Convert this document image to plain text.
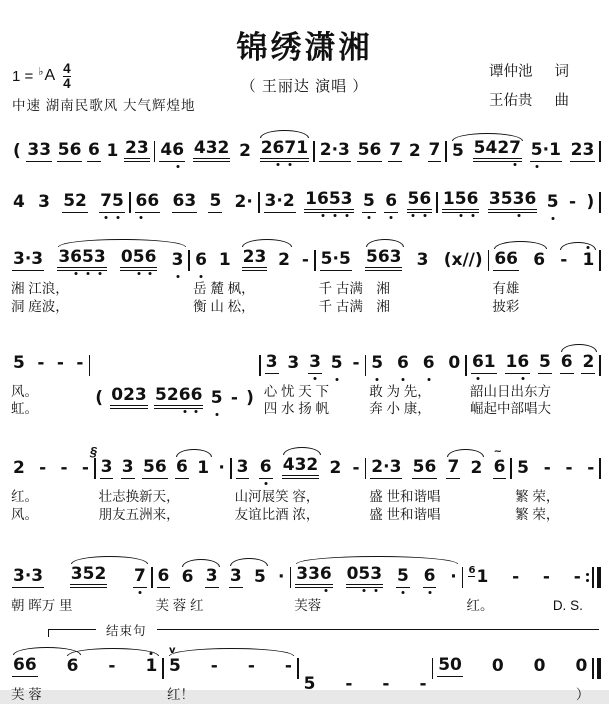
锦绣潇湘
（ 王丽达 演唱 ）
谭仲池 词
王佑贵 曲
1 = ♭ A $\frac{4}{4}$
中速 湖南民歌风 大气辉煌地
( 33 56 6 1 23 46 432 2 2671 2·3 56 7 2 7 5 5427 5·1 23
4 3 52 75 66 63 5 2· 3·2 1653 5 6 56 156 3536 5 - )
3·3 3653 056 3
湘 江浪，
洞 庭波，
6 1 23 2 -
岳 麓 枫，
衡 山 松，
5·5 563 3 (x∕∕)
千 古满　湘
千 古满　湘
66 6 - 1
有雄
披彩
5 - - -
风。
虹。
( 023 5266 5 - )
3 3 3 5 -
心 忧 天 下
四 水 扬 帆
5 6 6 0
敢 为 先，
奔 小 康，
61 16 5 6 2
韶山日出东方
崛起中部唱大
2 - - -
红。
风。
§
3 3 56 6 1 ·
壮志换新天，
朋友五洲来，
3 6 432 2 -
山河展笑 容，
友谊比酒 浓，
2·3 56 7 2 6
~
盛 世和谐唱
盛 世和谐唱
5 - - -
繁 荣，
繁 荣，
3·3 352 7
朝 晖万 里
6 6 3 3 5 ·
芙 蓉 红
336 053 5 6 ·
芙蓉
$^6$1 - - -
红。	D. S.
结束句
66 6 - 1
芙 蓉
5
v
- - -
红！
5 - - -
50 0 0 0
）
